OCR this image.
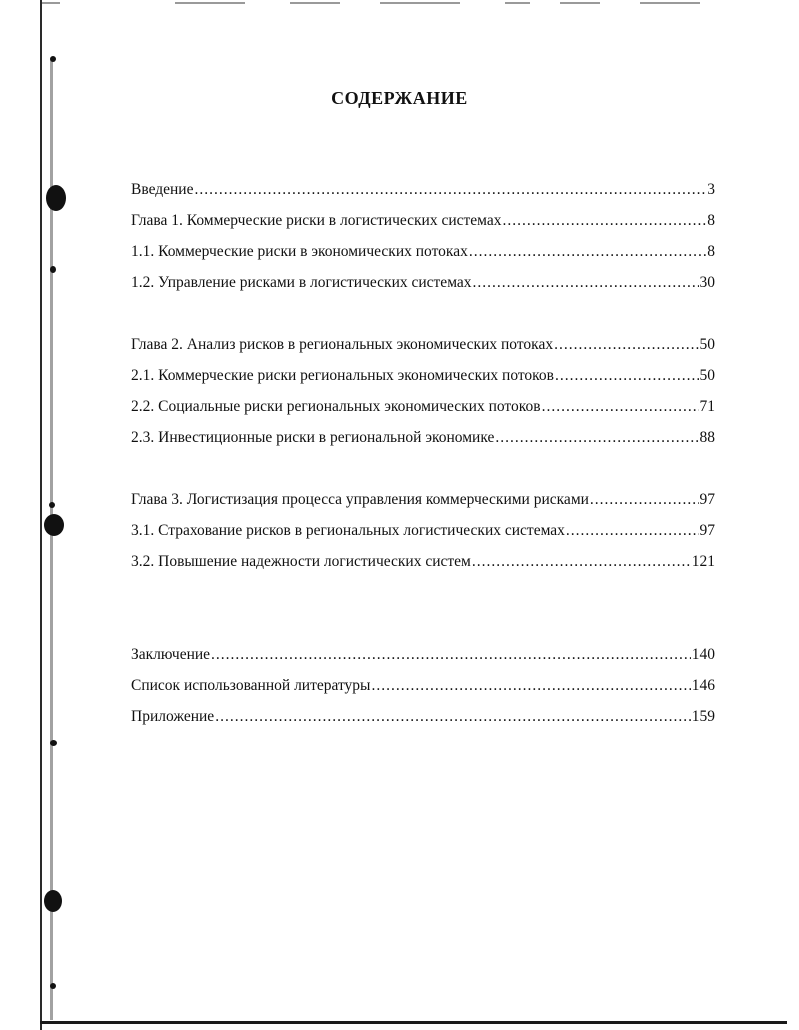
СОДЕРЖАНИЕ
Введение .....	3
Глава 1. Коммерческие риски в логистических системах .....	8
1.1. Коммерческие риски в экономических потоках .....	8
1.2. Управление рисками в логистических системах .....	30
Глава 2. Анализ рисков в региональных экономических потоках .....	50
2.1. Коммерческие риски региональных экономических потоков .....	50
2.2. Социальные риски региональных экономических потоков .....	71
2.3. Инвестиционные риски в региональной экономике .....	88
Глава 3. Логистизация процесса управления коммерческими рисками .....	97
3.1. Страхование рисков в региональных логистических системах .....	97
3.2. Повышение надежности логистических систем .....	121
Заключение .....	140
Список использованной литературы .....	146
Приложение .....	159
